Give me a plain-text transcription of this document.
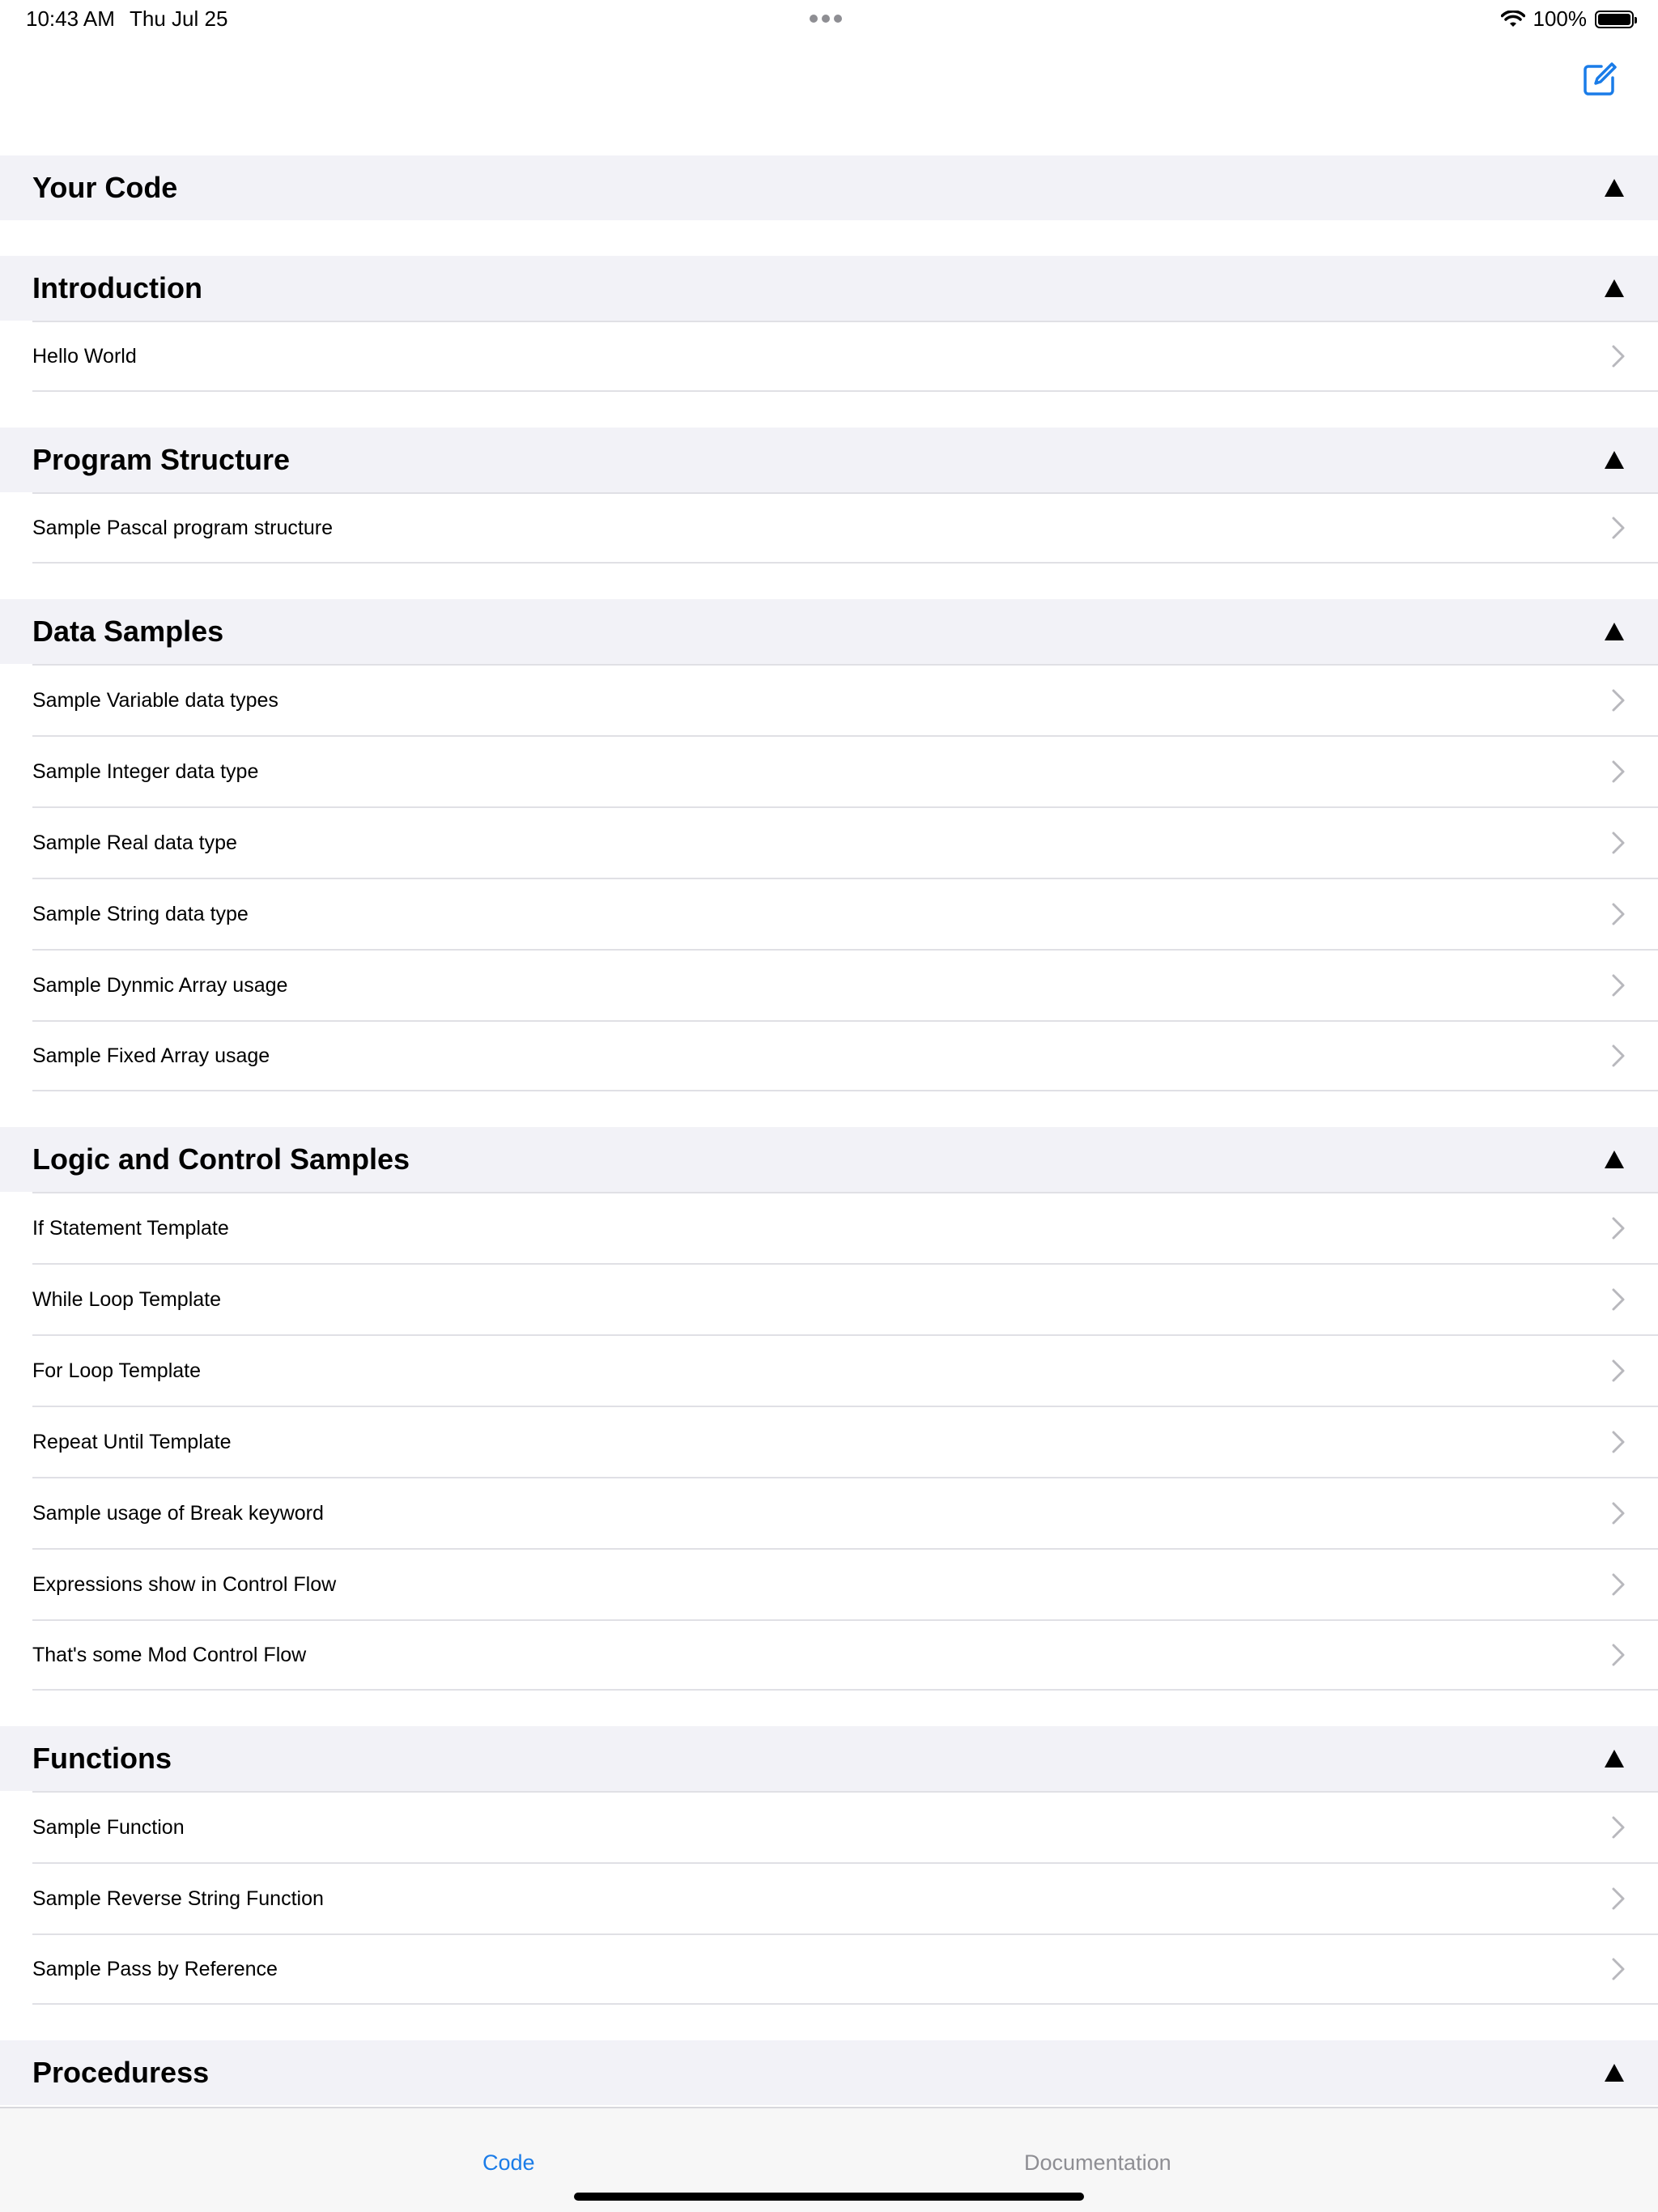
10:43 AM Thu Jul 25	100%
Your Code
Introduction
Hello World
Program Structure
Sample Pascal program structure
Data Samples
Sample Variable data types
Sample Integer data type
Sample Real data type
Sample String data type
Sample Dynmic Array usage
Sample Fixed Array usage
Logic and Control Samples
If Statement Template
While Loop Template
For Loop Template
Repeat Until Template
Sample usage of Break keyword
Expressions show in Control Flow
That's some Mod Control Flow
Functions
Sample Function
Sample Reverse String Function
Sample Pass by Reference
Proceduress
Code	Documentation
